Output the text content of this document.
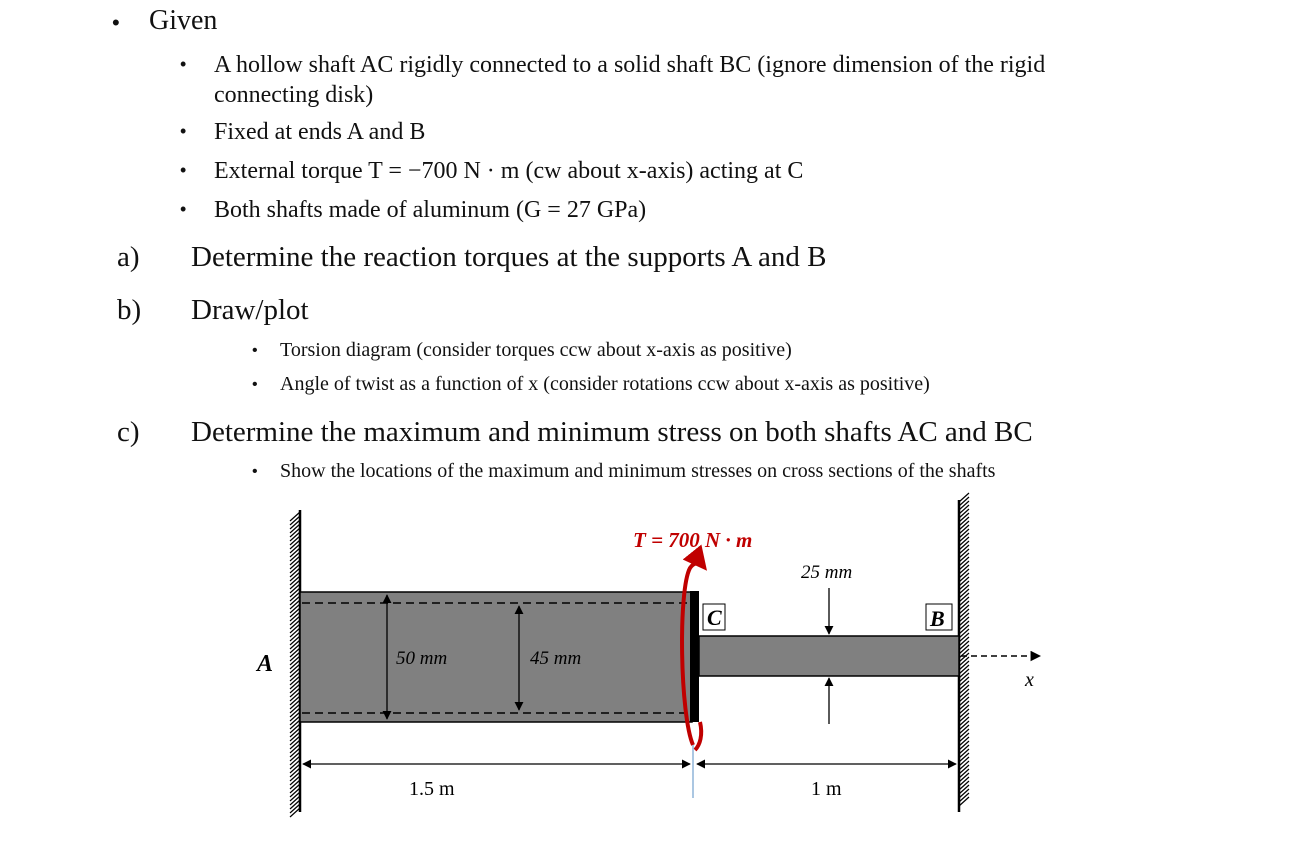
• Given
• A hollow shaft AC rigidly connected to a solid shaft BC (ignore dimension of the rigid
connecting disk)
• Fixed at ends A and B
• External torque T = −700 N · m (cw about x-axis) acting at C
• Both shafts made of aluminum (G = 27 GPa)
a) Determine the reaction torques at the supports A and B
b) Draw/plot
• Torsion diagram (consider torques ccw about x-axis as positive)
• Angle of twist as a function of x (consider rotations ccw about x-axis as positive)
c) Determine the maximum and minimum stress on both shafts AC and BC
• Show the locations of the maximum and minimum stresses on cross sections of the shafts
50 mm	45 mm
25 mm
A
C	B
T = 700 N · m
x
1.5 m	1 m
